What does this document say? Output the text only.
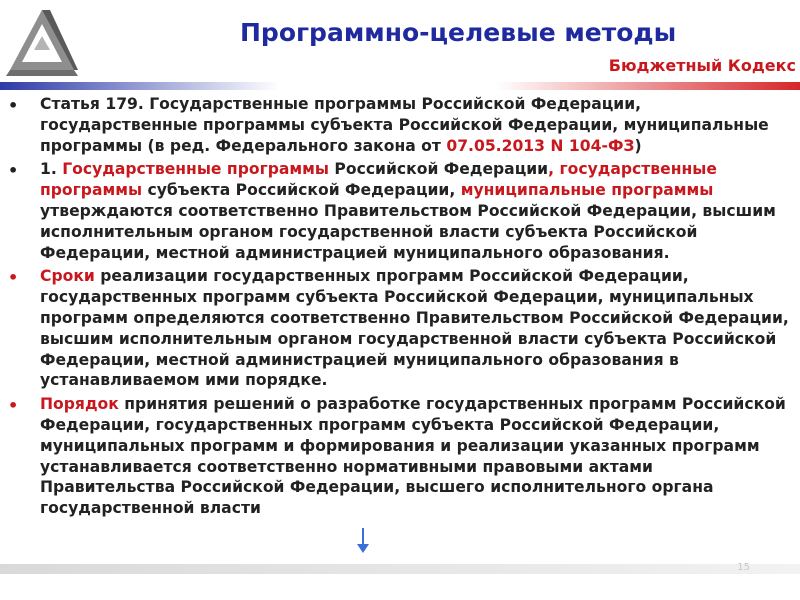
Программно-целевые методы
Бюджетный Кодекс
• Статья 179. Государственные программы Российской Федерации, государственные программы субъекта Российской Федерации, муниципальные программы (в ред. Федерального закона от 07.05.2013 N 104-ФЗ)
• 1. Государственные программы Российской Федерации, государственные программы субъекта Российской Федерации, муниципальные программы утверждаются соответственно Правительством Российской Федерации, высшим исполнительным органом государственной власти субъекта Российской Федерации, местной администрацией муниципального образования.
• Сроки реализации государственных программ Российской Федерации, государственных программ субъекта Российской Федерации, муниципальных программ определяются соответственно Правительством Российской Федерации, высшим исполнительным органом государственной власти субъекта Российской Федерации, местной администрацией муниципального образования в устанавливаемом ими порядке.
• Порядок принятия решений о разработке государственных программ Российской Федерации, государственных программ субъекта Российской Федерации, муниципальных программ и формирования и реализации указанных программ устанавливается соответственно нормативными правовыми актами Правительства Российской Федерации, высшего исполнительного органа государственной власти
15
